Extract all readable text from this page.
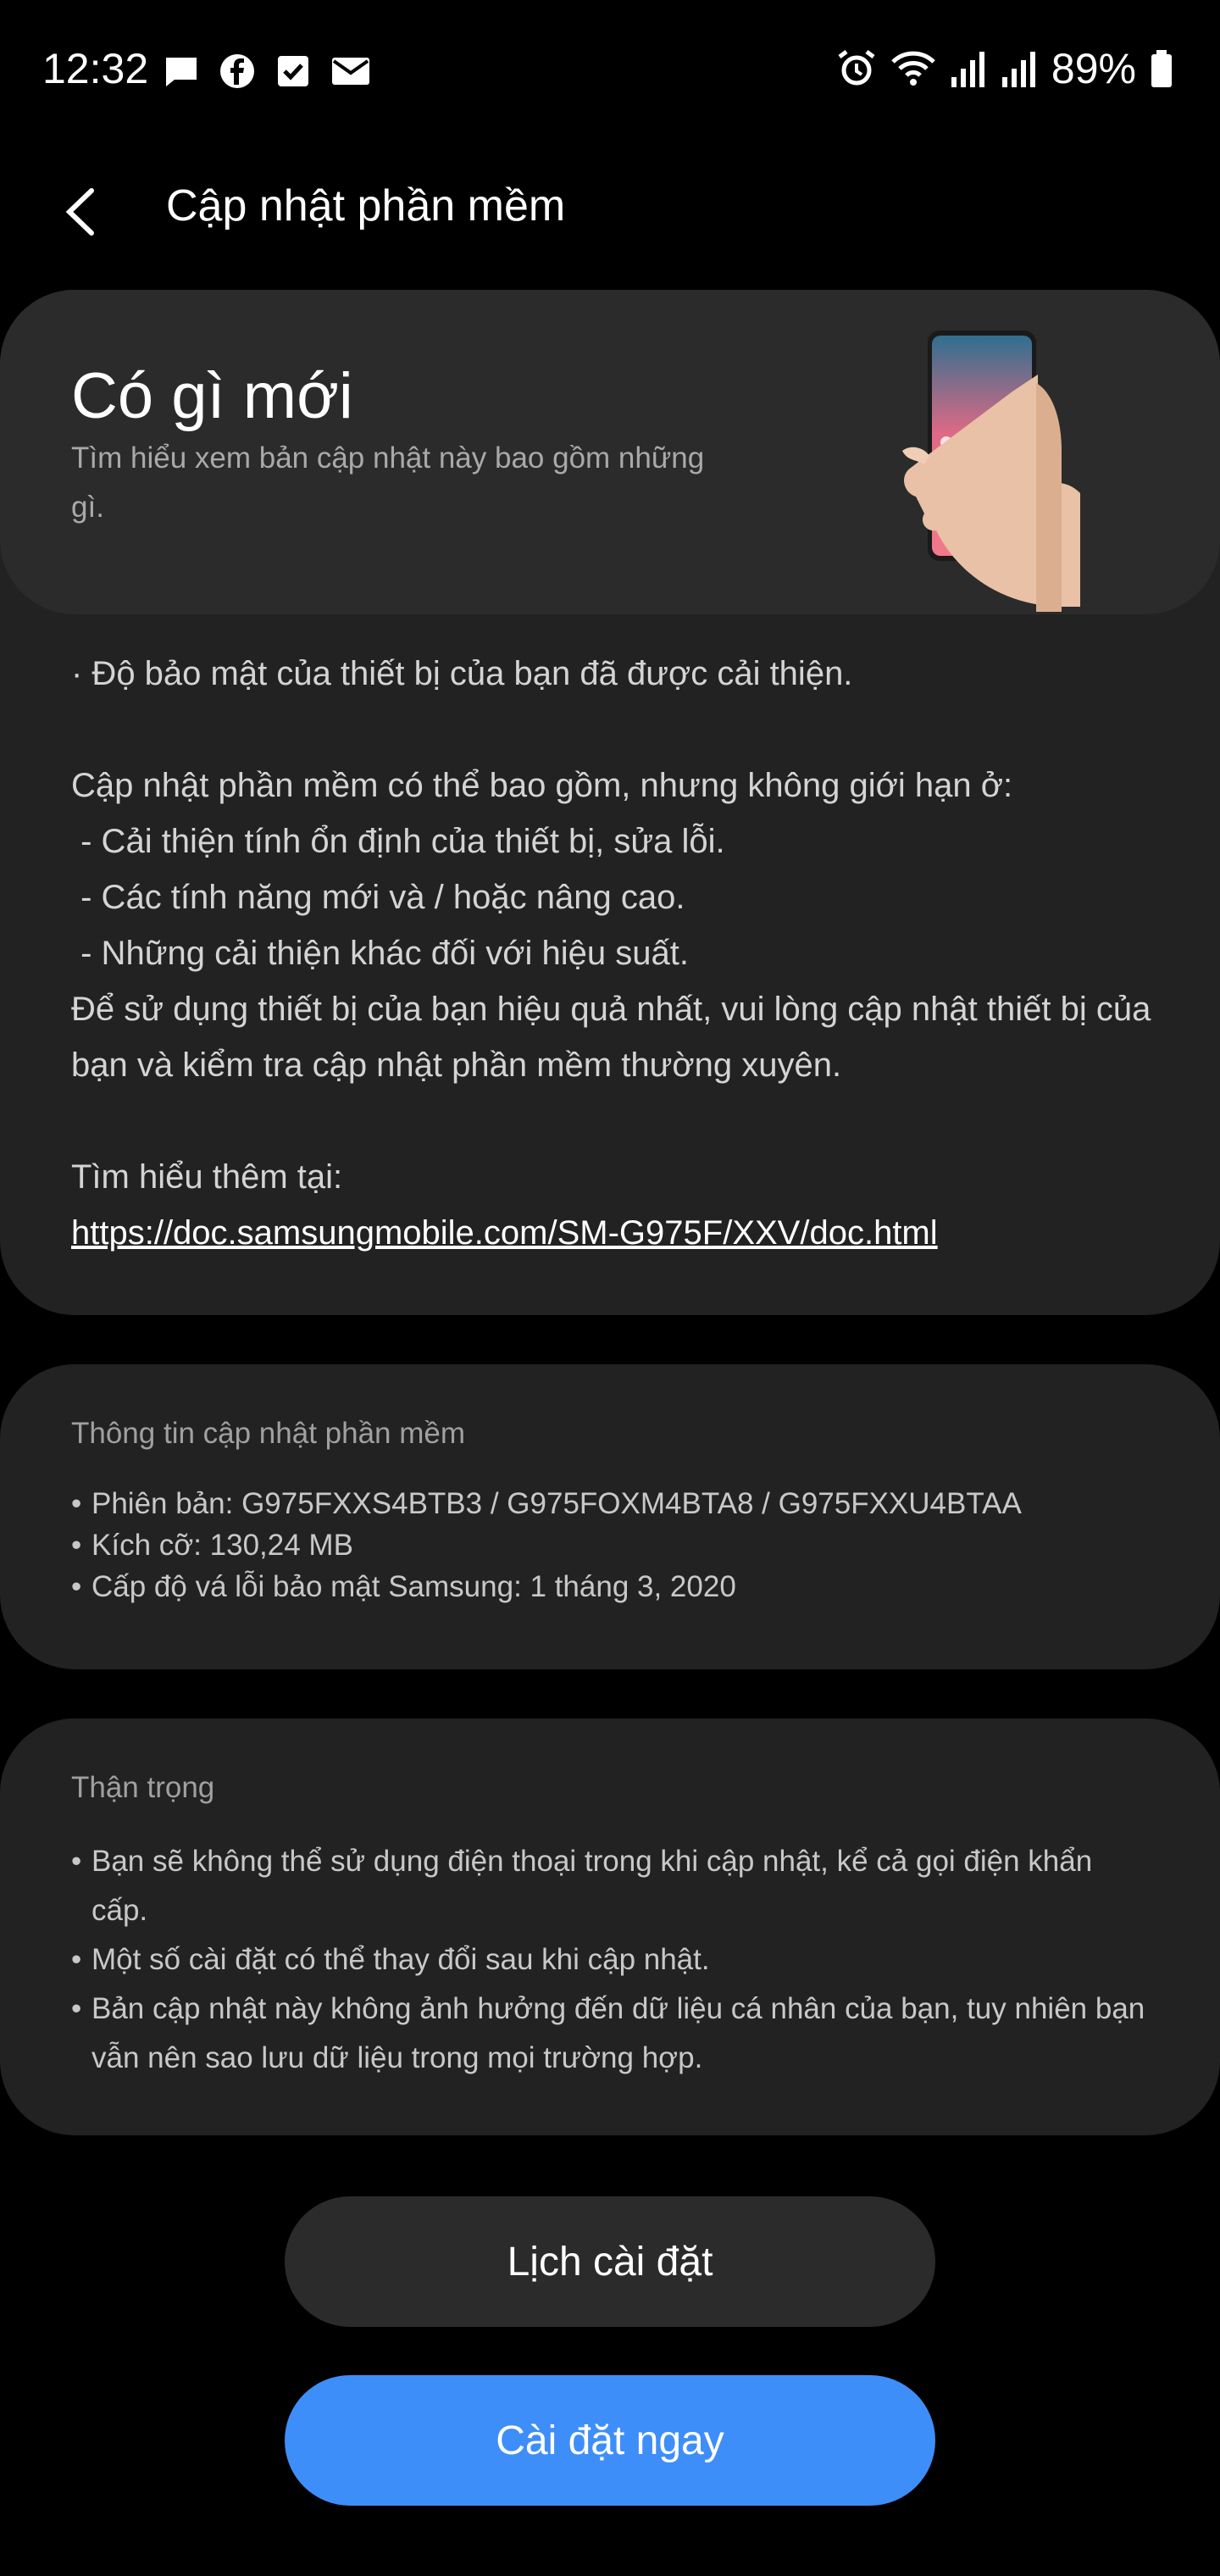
12:32	89%
Cập nhật phần mềm
Có gì mới
Tìm hiểu xem bản cập nhật này bao gồm những gì.

· Độ bảo mật của thiết bị của bạn đã được cải thiện.

Cập nhật phần mềm có thể bao gồm, nhưng không giới hạn ở:

- Cải thiện tính ổn định của thiết bị, sửa lỗi.

- Các tính năng mới và / hoặc nâng cao.

- Những cải thiện khác đối với hiệu suất.

Để sử dụng thiết bị của bạn hiệu quả nhất, vui lòng cập nhật thiết bị của bạn và kiểm tra cập nhật phần mềm thường xuyên.

Tìm hiểu thêm tại:

https://doc.samsungmobile.com/SM-G975F/XXV/doc.html

Thông tin cập nhật phần mềm
• Phiên bản: G975FXXS4BTB3 / G975FOXM4BTA8 / G975FXXU4BTAA
• Kích cỡ: 130,24 MB
• Cấp độ vá lỗi bảo mật Samsung: 1 tháng 3, 2020
Thận trọng
• Bạn sẽ không thể sử dụng điện thoại trong khi cập nhật, kể cả gọi điện khẩn cấp.
• Một số cài đặt có thể thay đổi sau khi cập nhật.
• Bản cập nhật này không ảnh hưởng đến dữ liệu cá nhân của bạn, tuy nhiên bạn vẫn nên sao lưu dữ liệu trong mọi trường hợp.
Lịch cài đặt
Cài đặt ngay
